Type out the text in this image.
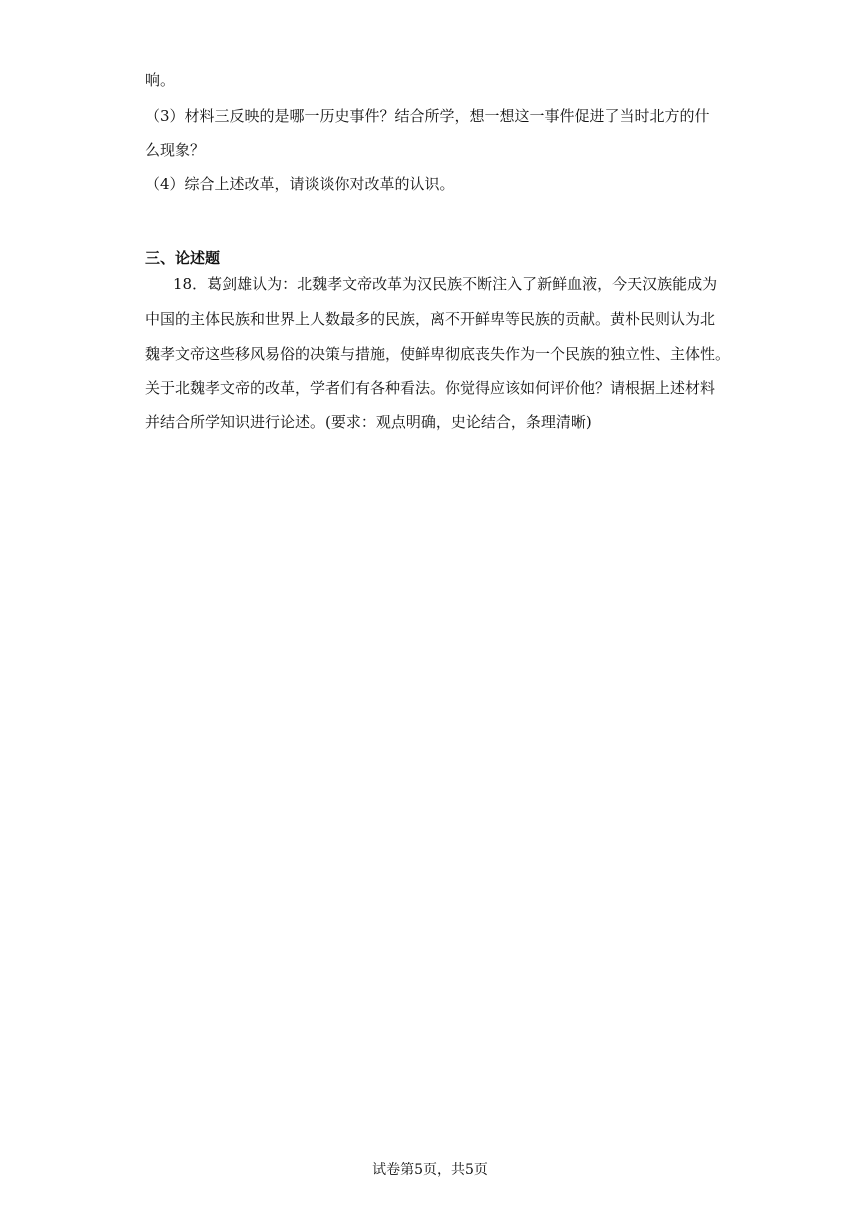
响。
（3）材料三反映的是哪一历史事件？结合所学，想一想这一事件促进了当时北方的什
么现象？
（4）综合上述改革，请谈谈你对改革的认识。
三、论述题
18．葛剑雄认为：北魏孝文帝改革为汉民族不断注入了新鲜血液，今天汉族能成为
中国的主体民族和世界上人数最多的民族，离不开鲜卑等民族的贡献。黄朴民则认为北
魏孝文帝这些移风易俗的决策与措施，使鲜卑彻底丧失作为一个民族的独立性、主体性。
关于北魏孝文帝的改革，学者们有各种看法。你觉得应该如何评价他？请根据上述材料
并结合所学知识进行论述。(要求：观点明确，史论结合，条理清晰)
试卷第5页，共5页
